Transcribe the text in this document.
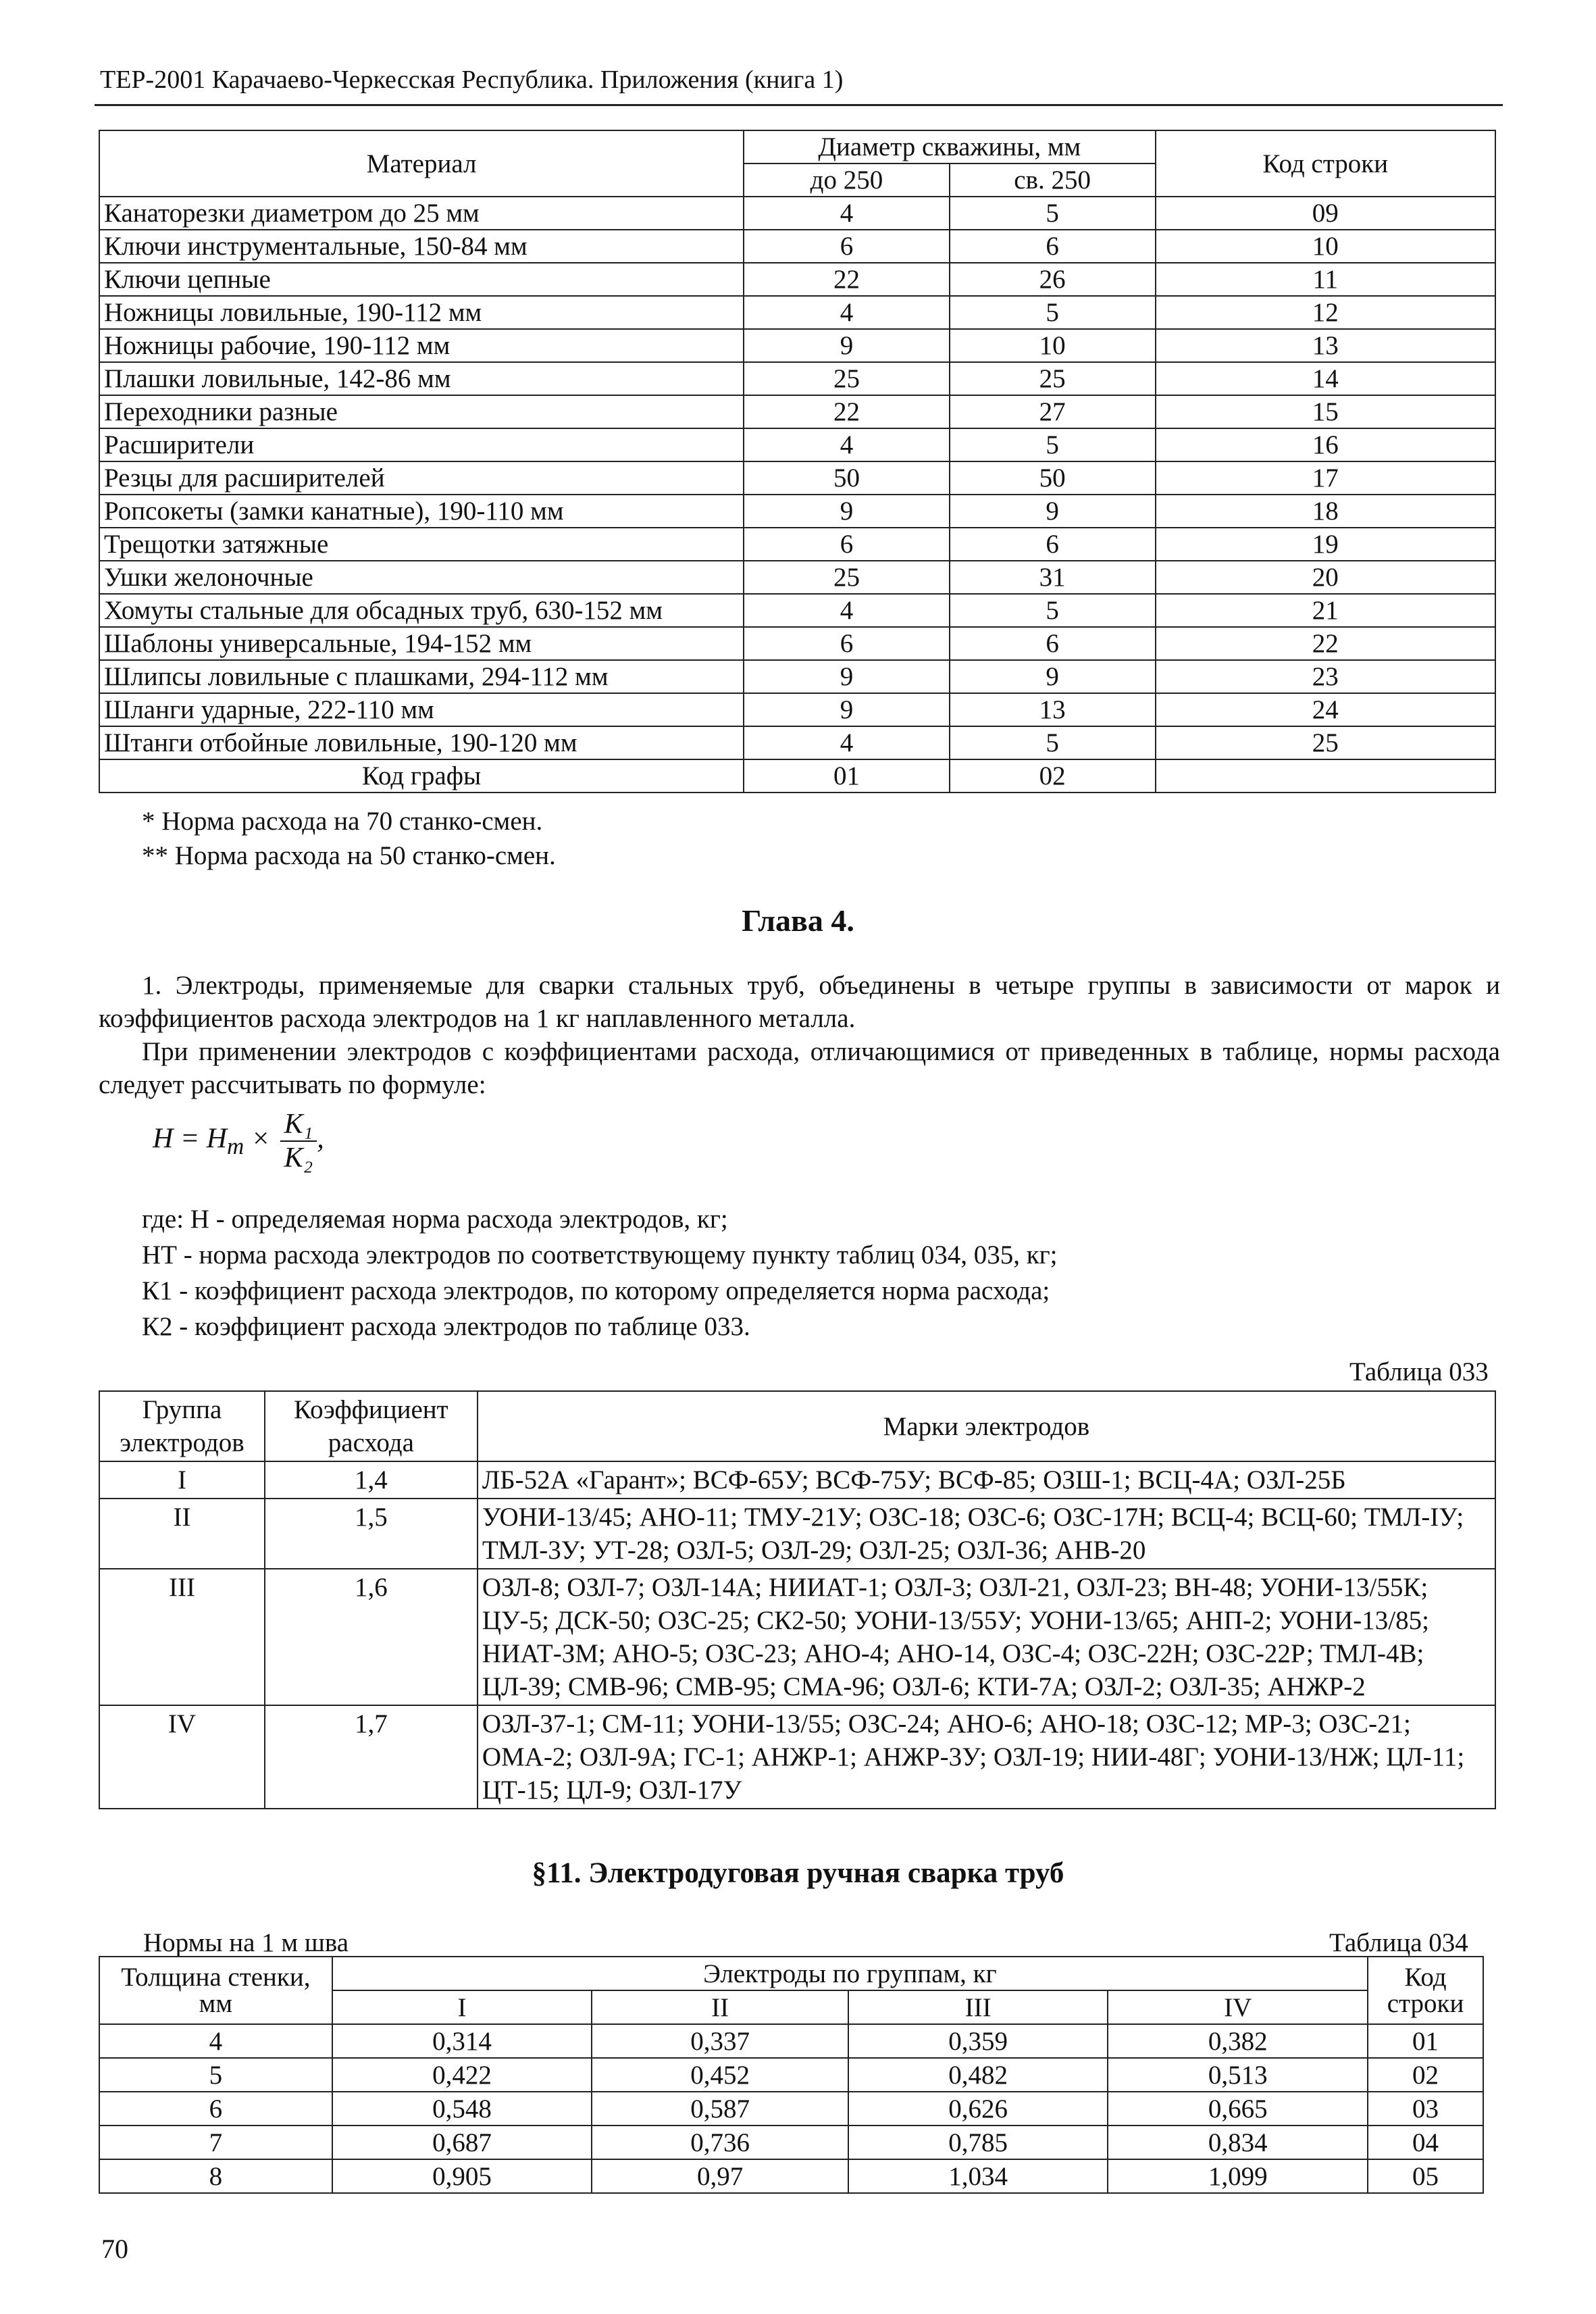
ТЕР-2001 Карачаево-Черкесская Республика. Приложения (книга 1)
Материал	Диаметр скважины, мм		Код строки
	до 250	св. 250	
Канаторезки диаметром до 25 мм	4	5	09
Ключи инструментальные, 150-84 мм	6	6	10
Ключи цепные	22	26	11
Ножницы ловильные, 190-112 мм	4	5	12
Ножницы рабочие, 190-112 мм	9	10	13
Плашки ловильные, 142-86 мм	25	25	14
Переходники разные	22	27	15
Расширители	4	5	16
Резцы для расширителей	50	50	17
Ропсокеты (замки канатные), 190-110 мм	9	9	18
Трещотки затяжные	6	6	19
Ушки желоночные	25	31	20
Хомуты стальные для обсадных труб, 630-152 мм	4	5	21
Шаблоны универсальные, 194-152 мм	6	6	22
Шлипсы ловильные с плашками, 294-112 мм	9	9	23
Шланги ударные, 222-110 мм	9	13	24
Штанги отбойные ловильные, 190-120 мм	4	5	25
Код графы	01	02	
* Норма расхода на 70 станко-смен.
** Норма расхода на 50 станко-смен.
Глава 4.
1. Электроды, применяемые для сварки стальных труб, объединены в четыре группы в зависимости от марок и коэффициентов расхода электродов на 1 кг наплавленного металла.
При применении электродов с коэффициентами расхода, отличающимися от приведенных в таблице, нормы расхода следует рассчитывать по формуле:
$H = H_т \times \frac{\text{K₁}}{\text{K₂}}$ ,
где: Н - определяемая норма расхода электродов, кг;
НТ - норма расхода электродов по соответствующему пункту таблиц 034, 035, кг;
К1 - коэффициент расхода электродов, по которому определяется норма расхода;
К2 - коэффициент расхода электродов по таблице 033.
Таблица 033
Группа электродов	Коэффициент расхода	Марки электродов
I	1,4	ЛБ-52А «Гарант»; ВСФ-65У; ВСФ-75У; ВСФ-85; ОЗШ-1; ВСЦ-4А; ОЗЛ-25Б
II	1,5	УОНИ-13/45; АНО-11; ТМУ-21У; ОЗС-18; ОЗС-6; ОЗС-17Н; ВСЦ-4; ВСЦ-60; ТМЛ-IУ; ТМЛ-3У; УТ-28; ОЗЛ-5; ОЗЛ-29; ОЗЛ-25; ОЗЛ-36; АНВ-20
III	1,6	ОЗЛ-8; ОЗЛ-7; ОЗЛ-14А; НИИАТ-1; ОЗЛ-3; ОЗЛ-21, ОЗЛ-23; ВН-48; УОНИ-13/55К; ЦУ-5; ДСК-50; ОЗС-25; СК2-50; УОНИ-13/55У; УОНИ-13/65; АНП-2; УОНИ-13/85; НИАТ-ЗМ; АНО-5; ОЗС-23; АНО-4; АНО-14, ОЗС-4; ОЗС-22Н; ОЗС-22Р; ТМЛ-4В; ЦЛ-39; СМВ-96; СМВ-95; СМА-96; ОЗЛ-6; КТИ-7А; ОЗЛ-2; ОЗЛ-35; АНЖР-2
IV	1,7	ОЗЛ-37-1; СМ-11; УОНИ-13/55; ОЗС-24; АНО-6; АНО-18; ОЗС-12; МР-3; ОЗС-21; ОМА-2; ОЗЛ-9А; ГС-1; АНЖР-1; АНЖР-3У; ОЗЛ-19; НИИ-48Г; УОНИ-13/НЖ; ЦЛ-11; ЦТ-15; ЦЛ-9; ОЗЛ-17У
§11. Электродуговая ручная сварка труб
Нормы на 1 м шва	Таблица 034
Толщина стенки, мм	Электроды по группам, кг				Код строки
	I	II	III	IV	
4	0,314	0,337	0,359	0,382	01
5	0,422	0,452	0,482	0,513	02
6	0,548	0,587	0,626	0,665	03
7	0,687	0,736	0,785	0,834	04
8	0,905	0,97	1,034	1,099	05
70
